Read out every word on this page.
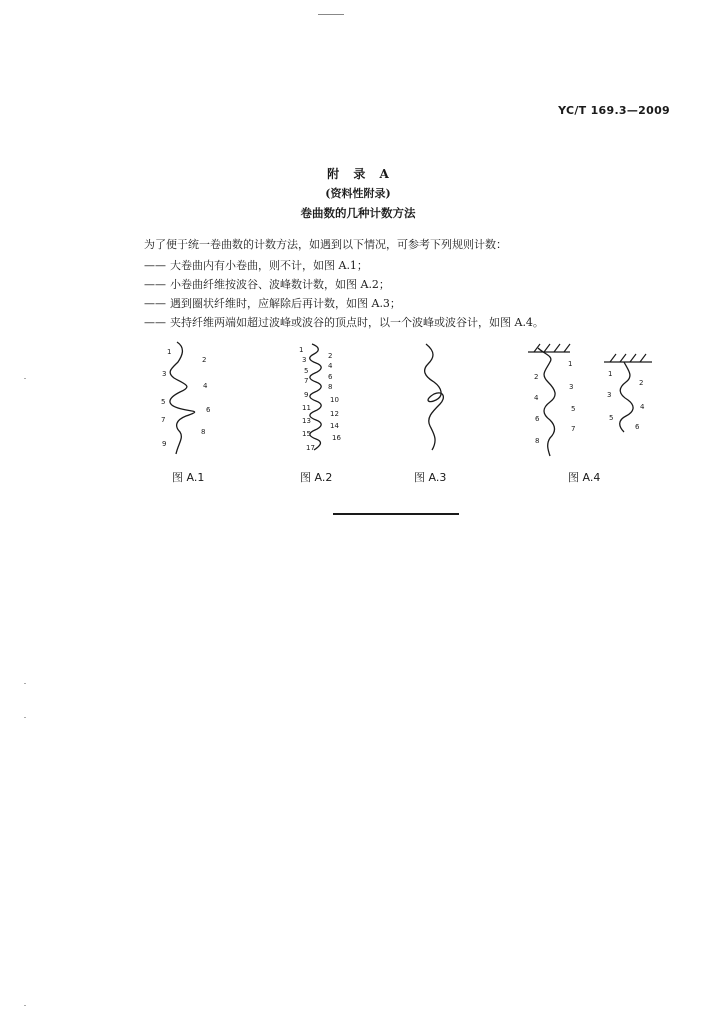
YC/T 169.3—2009
附 录 A
(资料性附录)
卷曲数的几种计数方法
为了便于统一卷曲数的计数方法，如遇到以下情况，可参考下列规则计数：
—— 大卷曲内有小卷曲，则不计，如图 A.1；
—— 小卷曲纤维按波谷、波峰数计数，如图 A.2；
—— 遇到圈状纤维时，应解除后再计数，如图 A.3；
—— 夹持纤维两端如超过波峰或波谷的顶点时，以一个波峰或波谷计，如图 A.4。
1
2
3
4
5
6
7
8
9
图 A.1
1
2
3
4
5
6
7
8
9
10
11
12
13
14
15	16
17
图 A.2	图 A.3
1
2
3
4
5
6
7
8
1
2
3
4
5
6
图 A.4
